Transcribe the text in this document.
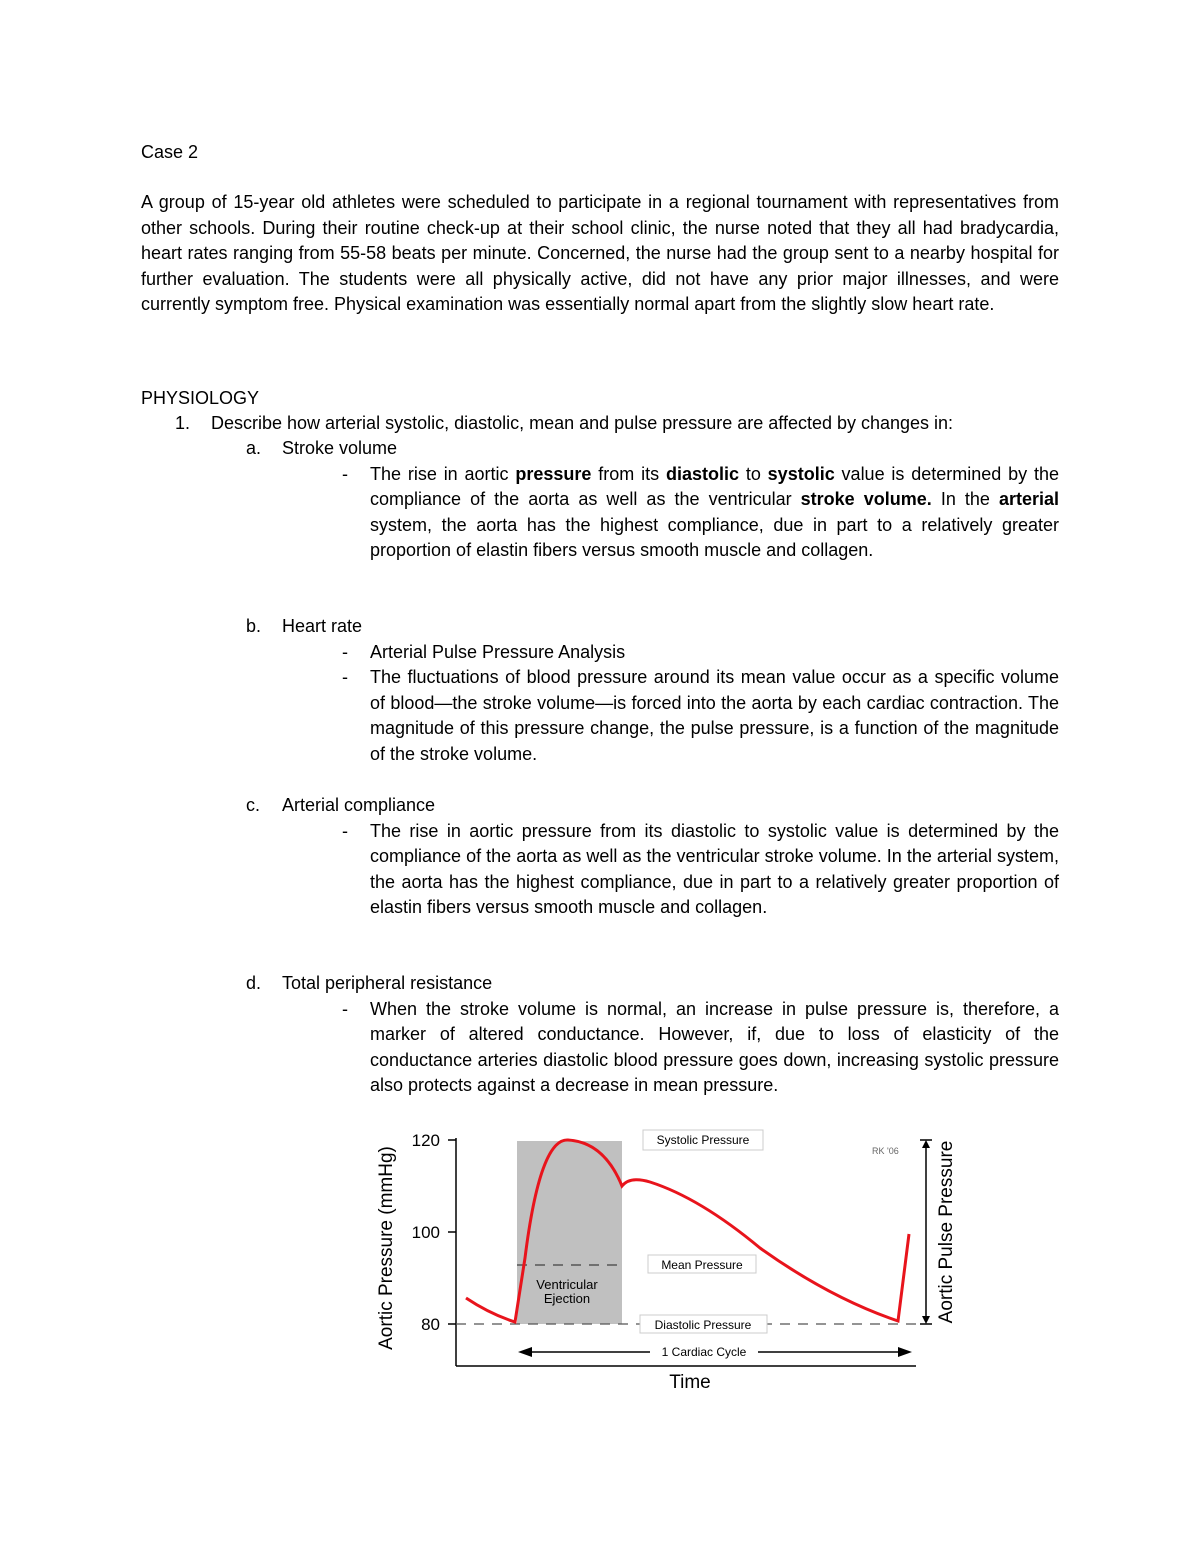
Case 2
A group of 15-year old athletes were scheduled to participate in a regional tournament with representatives from other schools. During their routine check-up at their school clinic, the nurse noted that they all had bradycardia, heart rates ranging from 55-58 beats per minute. Concerned, the nurse had the group sent to a nearby hospital for further evaluation. The students were all physically active, did not have any prior major illnesses, and were currently symptom free. Physical examination was essentially normal apart from the slightly slow heart rate.
PHYSIOLOGY
1. Describe how arterial systolic, diastolic, mean and pulse pressure are affected by changes in:
a. Stroke volume
- The rise in aortic pressure from its diastolic to systolic value is determined by the compliance of the aorta as well as the ventricular stroke volume. In the arterial system, the aorta has the highest compliance, due in part to a relatively greater proportion of elastin fibers versus smooth muscle and collagen.
b. Heart rate
- Arterial Pulse Pressure Analysis
- The fluctuations of blood pressure around its mean value occur as a specific volume of blood—the stroke volume—is forced into the aorta by each cardiac contraction. The magnitude of this pressure change, the pulse pressure, is a function of the magnitude of the stroke volume.
c. Arterial compliance
- The rise in aortic pressure from its diastolic to systolic value is determined by the compliance of the aorta as well as the ventricular stroke volume. In the arterial system, the aorta has the highest compliance, due in part to a relatively greater proportion of elastin fibers versus smooth muscle and collagen.
d. Total peripheral resistance
- When the stroke volume is normal, an increase in pulse pressure is, therefore, a marker of altered conductance. However, if, due to loss of elasticity of the conductance arteries diastolic blood pressure goes down, increasing systolic pressure also protects against a decrease in mean pressure.
120
100
80
Aortic Pressure (mmHg)
Time
Mean Pressure
Diastolic Pressure
Systolic Pressure
Ventricular
Ejection
RK '06 Aortic Pulse Pressure
1 Cardiac Cycle
